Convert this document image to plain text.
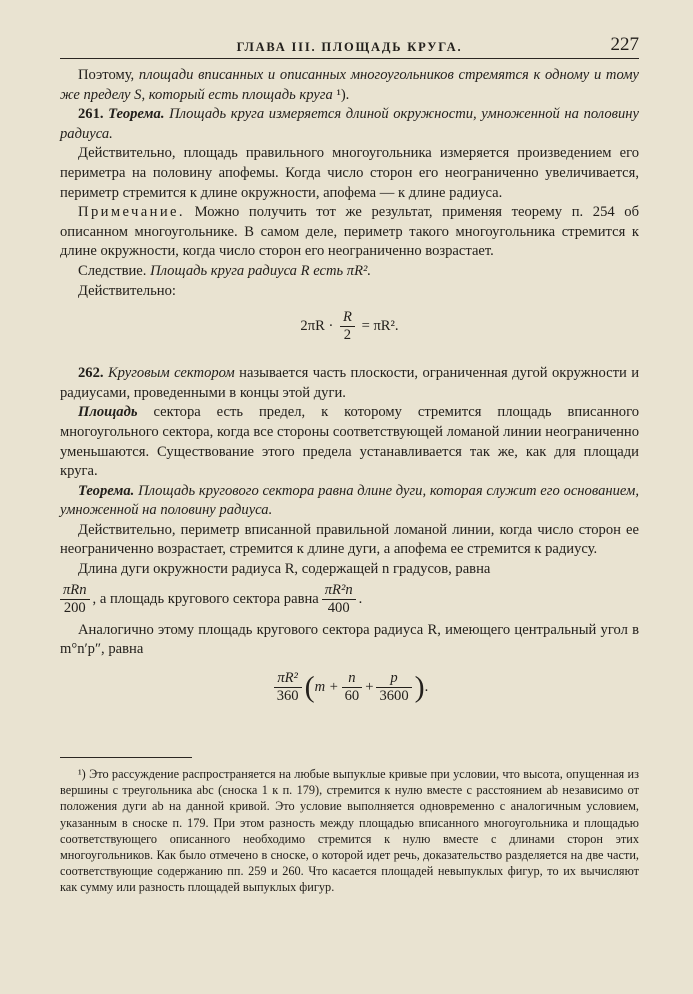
ГЛАВА III. ПЛОЩАДЬ КРУГА.	227

Поэтому, площади вписанных и описанных многоугольников стремятся к одному и тому же пределу S, который есть площадь круга ¹).

261. Теорема. Площадь круга измеряется длиной окружности, умноженной на половину радиуса.

Действительно, площадь правильного многоугольника измеряется произведением его периметра на половину апофемы. Когда число сторон его неограниченно увеличивается, периметр стремится к длине окружности, апофема — к длине радиуса.

Примечание. Можно получить тот же результат, применяя теорему п. 254 об описанном многоугольнике. В самом деле, периметр такого многоугольника стремится к длине окружности, когда число сторон его неограниченно возрастает.

Следствие. Площадь круга радиуса R есть πR².

Действительно:

$2\pi R \cdot \frac{R}{2} = \pi R^2$.

262. Круговым сектором называется часть плоскости, ограниченная дугой окружности и радиусами, проведенными в концы этой дуги.

Площадь сектора есть предел, к которому стремится площадь вписанного многоугольного сектора, когда все стороны соответствующей ломаной линии неограниченно уменьшаются. Существование этого предела устанавливается так же, как для площади круга.

Теорема. Площадь кругового сектора равна длине дуги, которая служит его основанием, умноженной на половину радиуса.

Действительно, периметр вписанной правильной ломаной линии, когда число сторон ее неограниченно возрастает, стремится к длине дуги, а апофема ее стремится к радиусу.

Длина дуги окружности радиуса R, содержащей n градусов, равна

$\frac{\text{πRn}}{200}$ , а площадь кругового сектора равна $\frac{\text{πR²n}}{400}$ .

Аналогично этому площадь кругового сектора радиуса R, имеющего центральный угол в m°n′p″, равна

$\frac{\text{πR²}}{360} (m + \frac{n}{60} + \frac{p}{3600}$ ).
¹) Это рассуждение распространяется на любые выпуклые кривые при условии, что высота, опущенная из вершины c треугольника abc (сноска 1 к п. 179), стремится к нулю вместе с расстоянием ab независимо от положения дуги ab на данной кривой. Это условие выполняется одновременно с аналогичным условием, указанным в сноске п. 179. При этом разность между площадью вписанного многоугольника и площадью соответствующего описанного необходимо стремится к нулю вместе с длинами сторон этих многоугольников. Как было отмечено в сноске, о которой идет речь, доказательство разделяется на две части, соответствующие содержанию пп. 259 и 260. Что касается площадей невыпуклых фигур, то их вычисляют как сумму или разность площадей выпуклых фигур.
